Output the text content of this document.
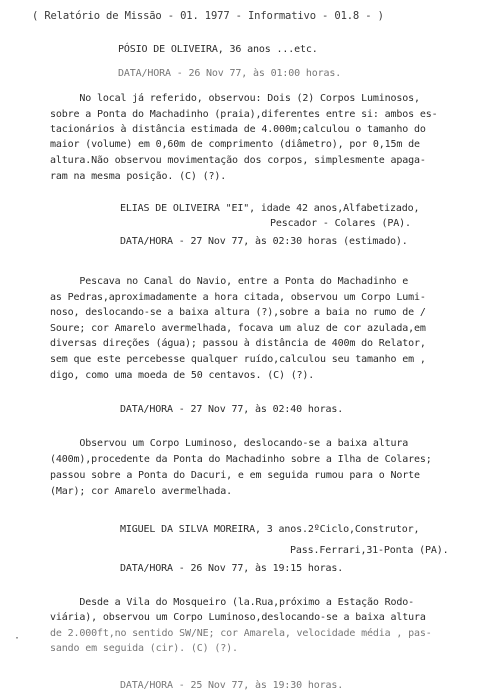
( Relatório de Missão - 01. 1977 - Informativo - 01.8 - )
PÓSIO DE OLIVEIRA, 36 anos ...etc.
DATA/HORA - 26 Nov 77, às 01:00 horas.
No local já referido, observou: Dois (2) Corpos Luminosos,
sobre a Ponta do Machadinho (praia),diferentes entre si: ambos es-
tacionários à distância estimada de 4.000m;calculou o tamanho do
maior (volume) em 0,60m de comprimento (diâmetro), por 0,15m de
altura.Não observou movimentação dos corpos, simplesmente apaga-
ram na mesma posição. (C) (?).
ELIAS DE OLIVEIRA "EI", idade 42 anos,Alfabetizado,
Pescador - Colares (PA).
DATA/HORA - 27 Nov 77, às 02:30 horas (estimado).
Pescava no Canal do Navio, entre a Ponta do Machadinho e
as Pedras,aproximadamente a hora citada, observou um Corpo Lumi-
noso, deslocando-se a baixa altura (?),sobre a baia no rumo de /
Soure; cor Amarelo avermelhada, focava um aluz de cor azulada,em
diversas direções (água); passou à distância de 400m do Relator,
sem que este percebesse qualquer ruído,calculou seu tamanho em ,
digo, como uma moeda de 50 centavos. (C) (?).
DATA/HORA - 27 Nov 77, às 02:40 horas.
Observou um Corpo Luminoso, deslocando-se a baixa altura
(400m),procedente da Ponta do Machadinho sobre a Ilha de Colares;
passou sobre a Ponta do Dacuri, e em seguida rumou para o Norte
(Mar); cor Amarelo avermelhada.
MIGUEL DA SILVA MOREIRA, 3 anos.2ºCiclo,Construtor,
Pass.Ferrari,31-Ponta (PA).
DATA/HORA - 26 Nov 77, às 19:15 horas.
Desde a Vila do Mosqueiro (la.Rua,próximo a Estação Rodo-
viária), observou um Corpo Luminoso,deslocando-se a baixa altura
de 2.000ft,no sentido SW/NE; cor Amarela, velocidade média , pas-
sando em seguida (cir). (C) (?).
DATA/HORA - 25 Nov 77, às 19:30 horas.
·
